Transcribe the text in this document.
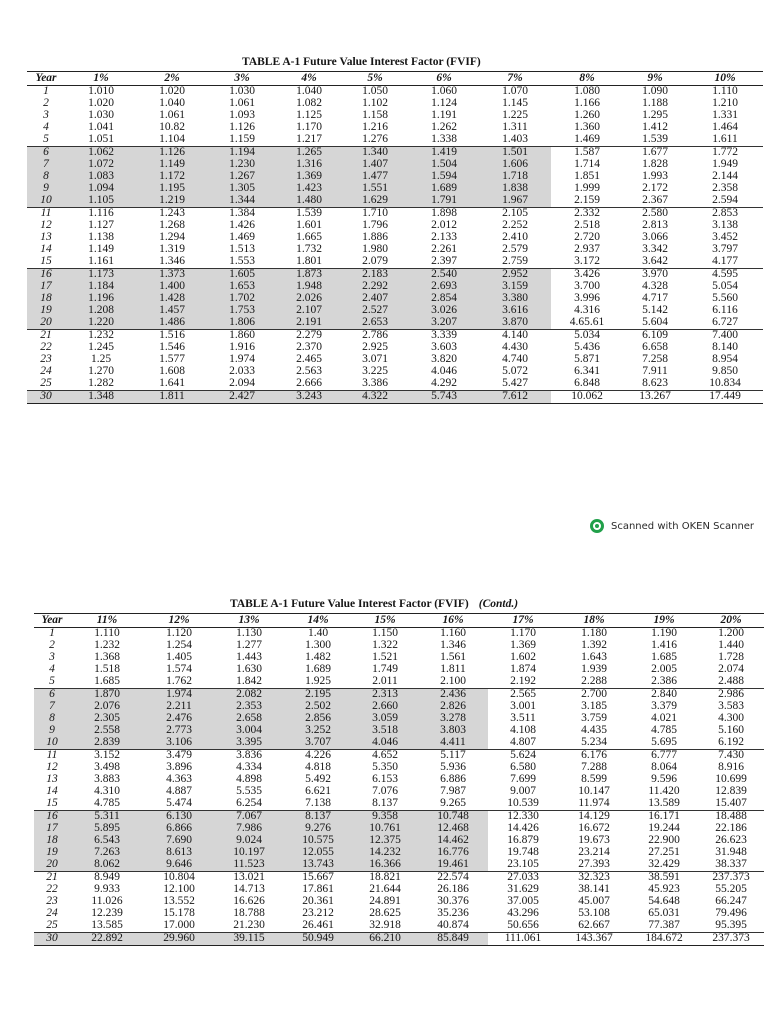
TABLE A-1 Future Value Interest Factor (FVIF)
Year	1%	2%	3%	4%	5%	6%	7%	8%	9%	10%
1	1.010	1.020	1.030	1.040	1.050	1.060	1.070	1.080	1.090	1.110
2	1.020	1.040	1.061	1.082	1.102	1.124	1.145	1.166	1.188	1.210
3	1.030	1.061	1.093	1.125	1.158	1.191	1.225	1.260	1.295	1.331
4	1.041	10.82	1.126	1.170	1.216	1.262	1.311	1.360	1.412	1.464
5	1.051	1.104	1.159	1.217	1.276	1.338	1.403	1.469	1.539	1.611
6	1.062	1.126	1.194	1.265	1.340	1.419	1.501	1.587	1.677	1.772
7	1.072	1.149	1.230	1.316	1.407	1.504	1.606	1.714	1.828	1.949
8	1.083	1.172	1.267	1.369	1.477	1.594	1.718	1.851	1.993	2.144
9	1.094	1.195	1.305	1.423	1.551	1.689	1.838	1.999	2.172	2.358
10	1.105	1.219	1.344	1.480	1.629	1.791	1.967	2.159	2.367	2.594
11	1.116	1.243	1.384	1.539	1.710	1.898	2.105	2.332	2.580	2.853
12	1.127	1.268	1.426	1.601	1.796	2.012	2.252	2.518	2.813	3.138
13	1.138	1.294	1.469	1.665	1.886	2.133	2.410	2.720	3.066	3.452
14	1.149	1.319	1.513	1.732	1.980	2.261	2.579	2.937	3.342	3.797
15	1.161	1.346	1.553	1.801	2.079	2.397	2.759	3.172	3.642	4.177
16	1.173	1.373	1.605	1.873	2.183	2.540	2.952	3.426	3.970	4.595
17	1.184	1.400	1.653	1.948	2.292	2.693	3.159	3.700	4.328	5.054
18	1.196	1.428	1.702	2.026	2.407	2.854	3.380	3.996	4.717	5.560
19	1.208	1.457	1.753	2.107	2.527	3.026	3.616	4.316	5.142	6.116
20	1.220	1.486	1.806	2.191	2.653	3.207	3.870	4.65.61	5.604	6.727
21	1.232	1.516	1.860	2.279	2.786	3.339	4.140	5.034	6.109	7.400
22	1.245	1.546	1.916	2.370	2.925	3.603	4.430	5.436	6.658	8.140
23	1.25	1.577	1.974	2.465	3.071	3.820	4.740	5.871	7.258	8.954
24	1.270	1.608	2.033	2.563	3.225	4.046	5.072	6.341	7.911	9.850
25	1.282	1.641	2.094	2.666	3.386	4.292	5.427	6.848	8.623	10.834
30	1.348	1.811	2.427	3.243	4.322	5.743	7.612	10.062	13.267	17.449
Scanned with OKEN Scanner
TABLE A-1 Future Value Interest Factor (FVIF) (Contd.)
Year	11%	12%	13%	14%	15%	16%	17%	18%	19%	20%
1	1.110	1.120	1.130	1.40	1.150	1.160	1.170	1.180	1.190	1.200
2	1.232	1.254	1.277	1.300	1.322	1.346	1.369	1.392	1.416	1.440
3	1.368	1.405	1.443	1.482	1.521	1.561	1.602	1.643	1.685	1.728
4	1.518	1.574	1.630	1.689	1.749	1.811	1.874	1.939	2.005	2.074
5	1.685	1.762	1.842	1.925	2.011	2.100	2.192	2.288	2.386	2.488
6	1.870	1.974	2.082	2.195	2.313	2.436	2.565	2.700	2.840	2.986
7	2.076	2.211	2.353	2.502	2.660	2.826	3.001	3.185	3.379	3.583
8	2.305	2.476	2.658	2.856	3.059	3.278	3.511	3.759	4.021	4.300
9	2.558	2.773	3.004	3.252	3.518	3.803	4.108	4.435	4.785	5.160
10	2.839	3.106	3.395	3.707	4.046	4.411	4.807	5.234	5.695	6.192
11	3.152	3.479	3.836	4.226	4.652	5.117	5.624	6.176	6.777	7.430
12	3.498	3.896	4.334	4.818	5.350	5.936	6.580	7.288	8.064	8.916
13	3.883	4.363	4.898	5.492	6.153	6.886	7.699	8.599	9.596	10.699
14	4.310	4.887	5.535	6.621	7.076	7.987	9.007	10.147	11.420	12.839
15	4.785	5.474	6.254	7.138	8.137	9.265	10.539	11.974	13.589	15.407
16	5.311	6.130	7.067	8.137	9.358	10.748	12.330	14.129	16.171	18.488
17	5.895	6.866	7.986	9.276	10.761	12.468	14.426	16.672	19.244	22.186
18	6.543	7.690	9.024	10.575	12.375	14.462	16.879	19.673	22.900	26.623
19	7.263	8.613	10.197	12.055	14.232	16.776	19.748	23.214	27.251	31.948
20	8.062	9.646	11.523	13.743	16.366	19.461	23.105	27.393	32.429	38.337
21	8.949	10.804	13.021	15.667	18.821	22.574	27.033	32.323	38.591	237.373
22	9.933	12.100	14.713	17.861	21.644	26.186	31.629	38.141	45.923	55.205
23	11.026	13.552	16.626	20.361	24.891	30.376	37.005	45.007	54.648	66.247
24	12.239	15.178	18.788	23.212	28.625	35.236	43.296	53.108	65.031	79.496
25	13.585	17.000	21.230	26.461	32.918	40.874	50.656	62.667	77.387	95.395
30	22.892	29.960	39.115	50.949	66.210	85.849	111.061	143.367	184.672	237.373
